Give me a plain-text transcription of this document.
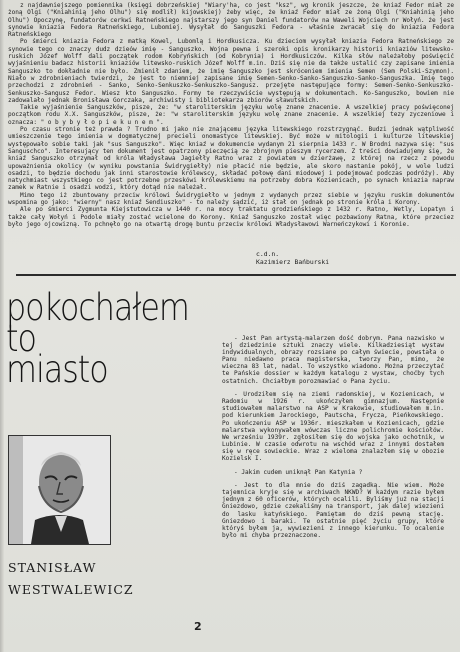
z najdawniejszego pomiennika (księgi dobrzeńskiej "Wiary'ha, co jest "ksz", wg kronik jeszcze, że kniaź Fedor miał ze żoną Olgi ("Kniahinią jeho Olhu") się modlił) kijowskiej) żeby więc, że kniaź Fedor miał ze żoną Olgi ("Kniahinią jeho Olhu") Opoczynę, fundatorów cerkwi Ratneńskiego najstarszy jego syn Daniel fundatorów na Waweli Wojciech nr Wołyń. że jest synowie kniazia Fedora Ratneńskiego, Lubomiej. Wysyłał do Sanguszki Fedora - właśnie zwracał się do kniazia Fedora Ratneńskiego

Po śmierci kniazia Fedora z matką Kowel, Lubomlą i Hordkusicza. Ku dzieciom wysyłał kniazia Fedora Ratneńskiego ze synowie tego co znaczy dudz dzieów imię - Sanguszko. Wojna pewna i szeroki opis kronikarzy historii kniaziów litewsko-ruskich Józef Wolff dali początek rodom Kobryńskich (od Kobrynia) i Hordkusiczów. Kilka słów należałoby poświęcić wyjaśnieniu badacz historii kniaziów litewsko-ruskich Józef Wolff m.in. Dziś się nie da także ustalić czy zapisane imienia Sanguszko to dokładnie nie było. Zmienił zdaniem, że imię Sanguszko jest skróceniem imienia Semen (Sem Polski-Szymon). Niało w zdrobnieniach twierdzi, że jest to niemniej zapisane imię Semen-Senko-Sanko-Sanguszko-Sanko-Sanguszka. Imię tego przechodzi z zdrobnień - Sanko, Senko-Senkuszko-Senkuszko-Sangusz. przejęte następujące formy: Semen-Senko-Senkuszko-Senkuszko-Sangusz Fedor. Wiesz kto Sanguszko. Formy te rzeczywiście występują w dokumentach. Ko-Sanguszko, bowiem nie zadowalało jednak Bronisława Gorczaka, archiwisty i bibliotekarza zbiorów sławutskich.

Takie wyjaśnienie Sanguszków, pisze, że: "w staroliterskim języku wolę znane znacenie. A wszelkiej pracy poświęconej początkom rodu X.X. Sanguszków, pisze, że: "w staroliterskim języku wolę znane znacenie. A wszelkiej tezy zyczeniowe i oznacza: " o b y b y ł o p i e k u n e m ".

Po czasu stronie też prawda ? Trudno mi jako nie znającemu języka litewskiego rozstrzygnąć. Budzi jednak wątpliwość umieszczenie tego imienia w dogmatycznej precieli onomastyce litewskiej. Być może w mitologii i kulturze litewskiej występowało sobie taki jak "sus Sanguszko". Więc kniaź w dokumencie wydanym 21 sierpnia 1433 r. W Brodni nazywa się: "sus Sanguschco". Interesujący ten dokument jest opatrzony pieczęcią ze zbrojnym pieszym rycerzem. Z treści dowiadujemy się, że kniaź Sanguszko otrzymał od króla Władysława Jagiełły Ratno wraz z powiatem w dzierżawę, z której na rzecz z powodu upoważnienia okolicy (w wyniku powstania Świdrygiełły) nie płacić nie będzie, ale skoro nastanie pokój, w wole ludzi osadzi, to będzie dochodu jak inni starostowie królewscy, składać połowę dani miodowej i podejmować podczas podróży). Aby natychmiast wszystkiego co jest potrzebne przeskówi królewskiemu na potrzeby dobra Kozienicach, po synach kniazia napraw zamek w Ratnie i osadzi wodzi, który dotąd nie należał.

Mimo tego iż zbuntowany przeciw królowi Świdrygiełło w jednym z wydanych przez siebie w języku ruskim dokumentów wspomina go jako: "wierny" nasz kniaź Sendiuszko" - to należy sądzić, iż stał on jednak po stronie króla i Korony.

Ale po śmierci Zygmunta Kiejstutowicza w 1440 r. na mocy traktatu grodzieńskiego z 1432 r. Ratno, Wetly, Lopatyn i także cały Wołyń i Podole miały zostać wcielone do Korony. Kniaź Sanguszko został więc pozbawiony Ratna, które przeciez było jego ojcowizną. To pchnęło go na otwartą drogę buntu przeciw królowi Władysławowi Warneńczykowi i Koronie.

c.d.n.
Kazimierz Bańburski
pokochałem
to
miasto
STANISŁAW
WESTWALEWICZ

- Jest Pan artystą-malarzem dość dobrym. Pana nazwisko w tej dziedzinie sztuki znaczy wiele. Kilkadziesiąt wystaw indywidualnych, obrazy rozsiane po całym świecie, powstała o Panu niedawno praca magisterska, tworzy Pan, mimo, że wieczna 83 lat, nadal. To wszystko wiadomo. Można przeczytać te Pańskie dossier w każdym katalogu z wystaw, choćby tych ostatnich. Chciałbym porozmawiać o Pana życiu.

- Urodziłem się na ziemi radomskiej, w Kozienicach, w Radomiu w 1926 r. ukończyłem gimnazjum. Następnie studiowałem malarstwo na ASP w Krakowie, studiowałem m.in. pod kierunkiem Jarockiego, Pautscha, Frycza, Pieńkowskiego. Po ukończeniu ASP w 1936r. mieszkałem w Kozienicach, gdzie malarstwa wykonywałem wówczas liczne polichromie kościołów. We wrześniu 1939r. zgłosiłem się do wojska jako ochotnik, w Lubinie. W czasie odwrotu na wschód wraz z innymi dostałem się w ręce sowieckie. Wraz z wieloma znalazłem się w obozie Kozielsk I.

- Jakim cudem uniknął Pan Katynia ?

- Jest to dla mnie do dziś zagadką. Nie wiem. Może tajemnica kryje się w archiwach NKWD? W każdym razie byłem jednym z 60 oficerów, których ocalili. Byliśmy już na stacji Gniezdowo, gdzie czekaliśmy na transport, jak dalej wiezieni do lasku katyńskiego. Pamiętam do dziś pewną stację. Gniezdowo i baraki. Te ostatnie pięć życiu grupy, które któryś byłem ja, wywiezieni z innego kierunku. To ocalenie było mi chyba przeznaczone.

2
